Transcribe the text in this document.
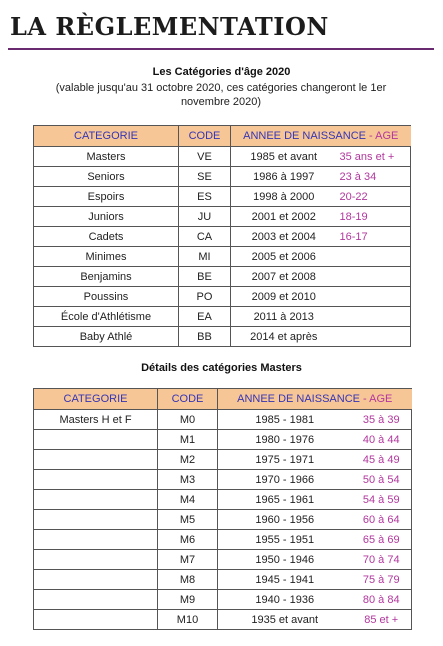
LA RÈGLEMENTATION
Les Catégories d'âge 2020
(valable jusqu'au 31 octobre 2020, ces catégories changeront le 1er novembre 2020)
CATEGORIE	CODE	ANNEE DE NAISSANCE - AGE	
Masters	VE	1985 et avant	35 ans et +
Seniors	SE	1986 à 1997	23 à 34
Espoirs	ES	1998 à 2000	20-22
Juniors	JU	2001 et 2002	18-19
Cadets	CA	2003 et 2004	16-17
Minimes	MI	2005 et 2006	
Benjamins	BE	2007 et 2008	
Poussins	PO	2009 et 2010	
École d'Athlétisme	EA	2011 à 2013	
Baby Athlé	BB	2014 et après	
Détails des catégories Masters
CATEGORIE	CODE	ANNEE DE NAISSANCE - AGE	
Masters H et F	M0	1985 - 1981	35 à 39
	M1	1980 - 1976	40 à 44
	M2	1975 - 1971	45 à 49
	M3	1970 - 1966	50 à 54
	M4	1965 - 1961	54 à 59
	M5	1960 - 1956	60 à 64
	M6	1955 - 1951	65 à 69
	M7	1950 - 1946	70 à 74
	M8	1945 - 1941	75 à 79
	M9	1940 - 1936	80 à 84
	M10	1935 et avant	85 et +
